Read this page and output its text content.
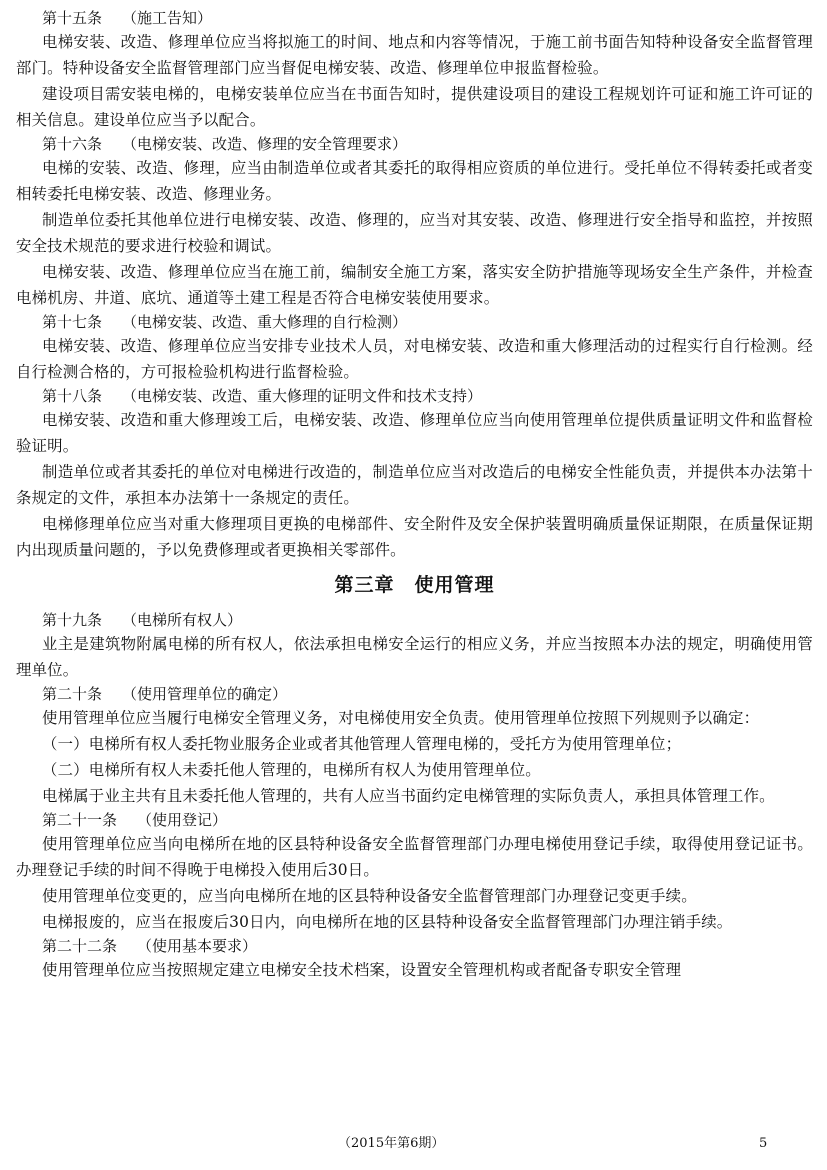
第十五条 （施工告知）

电梯安装、改造、修理单位应当将拟施工的时间、地点和内容等情况，于施工前书面告知特种设备安全监督管理部门。特种设备安全监督管理部门应当督促电梯安装、改造、修理单位申报监督检验。

建设项目需安装电梯的，电梯安装单位应当在书面告知时，提供建设项目的建设工程规划许可证和施工许可证的相关信息。建设单位应当予以配合。

第十六条 （电梯安装、改造、修理的安全管理要求）

电梯的安装、改造、修理，应当由制造单位或者其委托的取得相应资质的单位进行。受托单位不得转委托或者变相转委托电梯安装、改造、修理业务。

制造单位委托其他单位进行电梯安装、改造、修理的，应当对其安装、改造、修理进行安全指导和监控，并按照安全技术规范的要求进行校验和调试。

电梯安装、改造、修理单位应当在施工前，编制安全施工方案，落实安全防护措施等现场安全生产条件，并检查电梯机房、井道、底坑、通道等土建工程是否符合电梯安装使用要求。

第十七条 （电梯安装、改造、重大修理的自行检测）

电梯安装、改造、修理单位应当安排专业技术人员，对电梯安装、改造和重大修理活动的过程实行自行检测。经自行检测合格的，方可报检验机构进行监督检验。

第十八条 （电梯安装、改造、重大修理的证明文件和技术支持）

电梯安装、改造和重大修理竣工后，电梯安装、改造、修理单位应当向使用管理单位提供质量证明文件和监督检验证明。

制造单位或者其委托的单位对电梯进行改造的，制造单位应当对改造后的电梯安全性能负责，并提供本办法第十条规定的文件，承担本办法第十一条规定的责任。

电梯修理单位应当对重大修理项目更换的电梯部件、安全附件及安全保护装置明确质量保证期限，在质量保证期内出现质量问题的，予以免费修理或者更换相关零部件。

第三章　使用管理
第十九条 （电梯所有权人）

业主是建筑物附属电梯的所有权人，依法承担电梯安全运行的相应义务，并应当按照本办法的规定，明确使用管理单位。

第二十条 （使用管理单位的确定）

使用管理单位应当履行电梯安全管理义务，对电梯使用安全负责。使用管理单位按照下列规则予以确定：

（一）电梯所有权人委托物业服务企业或者其他管理人管理电梯的，受托方为使用管理单位；

（二）电梯所有权人未委托他人管理的，电梯所有权人为使用管理单位。

电梯属于业主共有且未委托他人管理的，共有人应当书面约定电梯管理的实际负责人，承担具体管理工作。

第二十一条 （使用登记）

使用管理单位应当向电梯所在地的区县特种设备安全监督管理部门办理电梯使用登记手续，取得使用登记证书。办理登记手续的时间不得晚于电梯投入使用后30日。

使用管理单位变更的，应当向电梯所在地的区县特种设备安全监督管理部门办理登记变更手续。

电梯报废的，应当在报废后30日内，向电梯所在地的区县特种设备安全监督管理部门办理注销手续。

第二十二条 （使用基本要求）

使用管理单位应当按照规定建立电梯安全技术档案，设置安全管理机构或者配备专职安全管理

（2015年第6期）	5
